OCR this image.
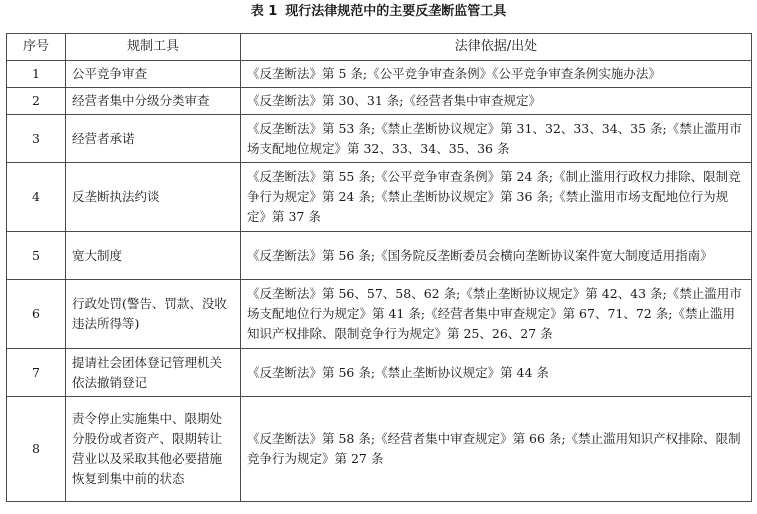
表 1 现行法律规范中的主要反垄断监管工具
序号	规制工具	法律依据/出处
1	公平竞争审查	《反垄断法》第 5 条;《公平竞争审查条例》《公平竞争审查条例实施办法》
2	经营者集中分级分类审查	《反垄断法》第 30、31 条;《经营者集中审查规定》
3	经营者承诺	《反垄断法》第 53 条;《禁止垄断协议规定》第 31、32、33、34、35 条;《禁止滥用市场支配地位规定》第 32、33、34、35、36 条
4	反垄断执法约谈	《反垄断法》第 55 条;《公平竞争审查条例》第 24 条;《制止滥用行政权力排除、限制竞争行为规定》第 24 条;《禁止垄断协议规定》第 36 条;《禁止滥用市场支配地位行为规定》第 37 条
5	宽大制度	《反垄断法》第 56 条;《国务院反垄断委员会横向垄断协议案件宽大制度适用指南》
6	行政处罚(警告、罚款、没收违法所得等)	《反垄断法》第 56、57、58、62 条;《禁止垄断协议规定》第 42、43 条;《禁止滥用市场支配地位行为规定》第 41 条;《经营者集中审查规定》第 67、71、72 条;《禁止滥用知识产权排除、限制竞争行为规定》第 25、26、27 条
7	提请社会团体登记管理机关依法撤销登记	《反垄断法》第 56 条;《禁止垄断协议规定》第 44 条
8	责令停止实施集中、限期处分股份或者资产、限期转让营业以及采取其他必要措施恢复到集中前的状态	《反垄断法》第 58 条;《经营者集中审查规定》第 66 条;《禁止滥用知识产权排除、限制竞争行为规定》第 27 条
